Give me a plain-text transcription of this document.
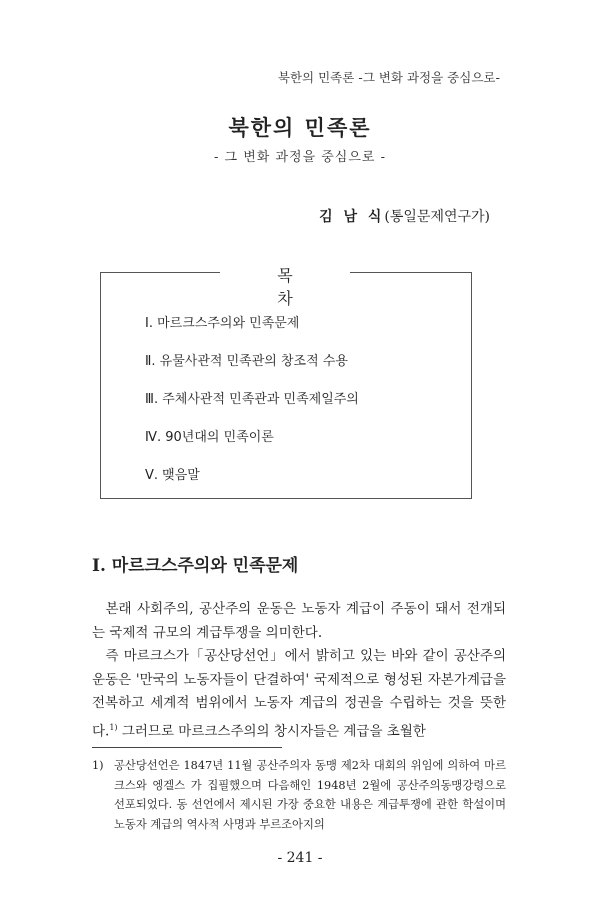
북한의 민족론 -그 변화 과정을 중심으로-
북한의 민족론
- 그 변화 과정을 중심으로 -
김 남 식(통일문제연구가)
목 차
Ⅰ. 마르크스주의와 민족문제
Ⅱ. 유물사관적 민족관의 창조적 수용
Ⅲ. 주체사관적 민족관과 민족제일주의
Ⅳ. 90년대의 민족이론
Ⅴ. 맺음말
Ⅰ. 마르크스주의와 민족문제

본래 사회주의, 공산주의 운동은 노동자 계급이 주동이 돼서 전개되는 국제적 규모의 계급투쟁을 의미한다.

즉 마르크스가「공산당선언」에서 밝히고 있는 바와 같이 공산주의 운동은 '만국의 노동자들이 단결하여' 국제적으로 형성된 자본가계급을 전복하고 세계적 범위에서 노동자 계급의 정권을 수립하는 것을 뜻한다.$^{1)}$ 그러므로 마르크스주의의 창시자들은 계급을 초월한

1) 공산당선언은 1847년 11월 공산주의자 동맹 제2차 대회의 위임에 의하여 마르크스와 엥겔스 가 집필했으며 다음해인 1948년 2월에 공산주의동맹강령으로 선포되었다. 동 선언에서 제시된 가장 중요한 내용은 계급투쟁에 관한 학설이며 노동자 계급의 역사적 사명과 부르조아지의
- 241 -
